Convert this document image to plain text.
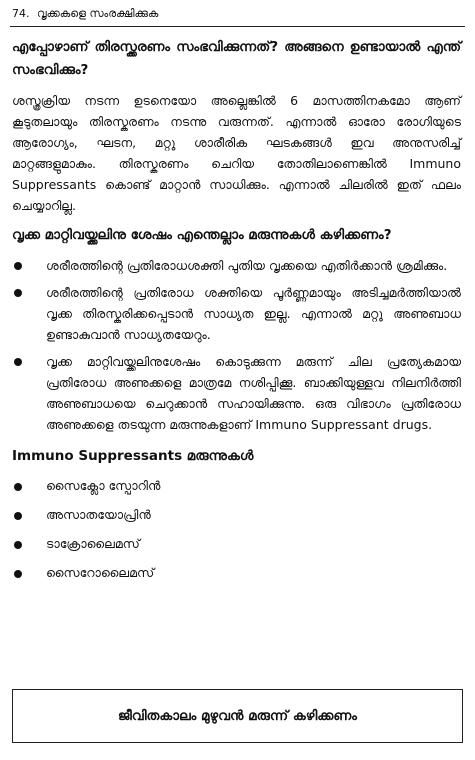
74. വൃക്കകളെ സംരക്ഷിക്കുക
എപ്പോഴാണ് തിരസ്ക്കരണം സംഭവിക്കുന്നത്? അങ്ങനെ ഉണ്ടായാൽ എന്ത് സംഭവിക്കും?

ശസ്ത്രക്രിയ നടന്ന ഉടനെയോ അല്ലെങ്കിൽ 6 മാസത്തിനകമോ ആണ് കൂടുതലായും തിരസ്കരണം നടന്നു വരുന്നത്. എന്നാൽ ഓരോ രോഗിയുടെ ആരോഗ്യം, ഘടന, മറ്റു ശാരീരിക ഘടകങ്ങൾ ഇവ അനുസരിച്ച് മാറ്റങ്ങളുമാകും. തിരസ്കരണം ചെറിയ തോതിലാണെങ്കിൽ Immuno Suppressants കൊണ്ട് മാറ്റാൻ സാധിക്കും. എന്നാൽ ചിലരിൽ ഇത് ഫലം ചെയ്യാറില്ല.

വൃക്ക മാറ്റിവയ്ക്കലിനു ശേഷം എന്തെല്ലാം മരുന്നുകൾ കഴിക്കണം?
ശരീരത്തിന്റെ പ്രതിരോധശക്തി പുതിയ വൃക്കയെ എതിർക്കാൻ ശ്രമിക്കും.
ശരീരത്തിന്റെ പ്രതിരോധ ശക്തിയെ പൂർണ്ണമായും അടിച്ചമർത്തിയാൽ വൃക്ക തിരസ്കരിക്കപ്പെടാൻ സാധ്യത ഇല്ല. എന്നാൽ മറ്റു അണുബാധ ഉണ്ടാകുവാൻ സാധ്യതയേറും.
വൃക്ക മാറ്റിവയ്ക്കലിനുശേഷം കൊടുക്കുന്ന മരുന്ന് ചില പ്രത്യേകമായ പ്രതിരോധ അണുക്കളെ മാത്രമേ നശിപ്പിക്കൂ. ബാക്കിയുള്ളവ നിലനിർത്തി അണുബാധയെ ചെറുക്കാൻ സഹായിക്കുന്നു. ഒരു വിഭാഗം പ്രതിരോധ അണുക്കളെ തടയുന്ന മരുന്നുകളാണ് Immuno Suppressant drugs.
Immuno Suppressants മരുന്നുകൾ
സൈക്ലോ സ്പോറിൻ
അസാതയോപ്രിൻ
ടാക്രോലൈമസ്
സൈറോലൈമസ്
ജീവിതകാലം മുഴുവൻ മരുന്ന് കഴിക്കണം
